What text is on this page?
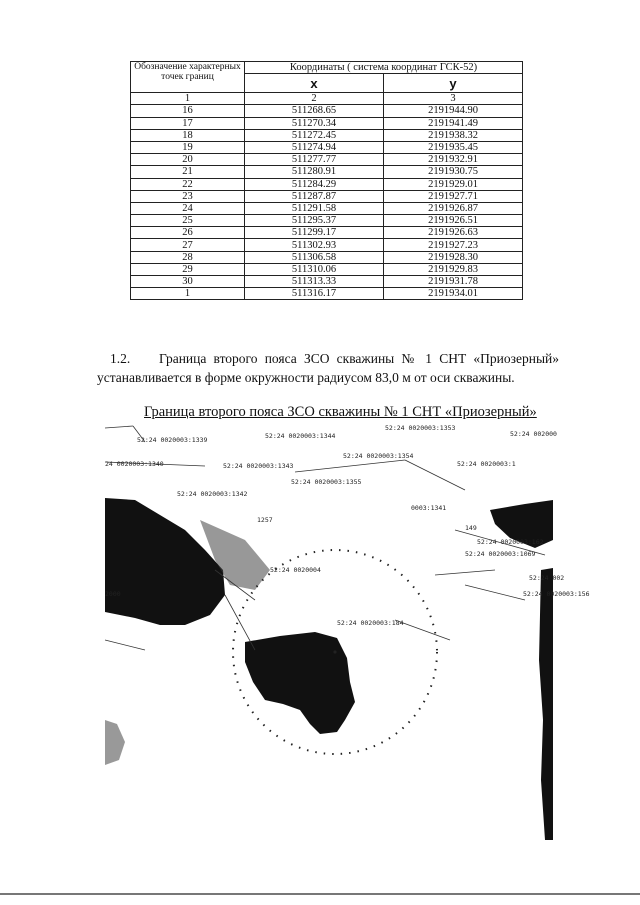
Обозначение характерных точек границ	Координаты ( система координат ГСК-52)	
	х	у
1	2	3
16	511268.65	2191944.90
17	511270.34	2191941.49
18	511272.45	2191938.32
19	511274.94	2191935.45
20	511277.77	2191932.91
21	511280.91	2191930.75
22	511284.29	2191929.01
23	511287.87	2191927.71
24	511291.58	2191926.87
25	511295.37	2191926.51
26	511299.17	2191926.63
27	511302.93	2191927.23
28	511306.58	2191928.30
29	511310.06	2191929.83
30	511313.33	2191931.78
1	511316.17	2191934.01
1.2. Граница второго пояса ЗСО скважины № 1 СНТ «Приозерный» устанавливается в форме окружности радиусом 83,0 м от оси скважины.
Граница второго пояса ЗСО скважины № 1 СНТ «Приозерный»
52:24 0020003:1339	52:24 0020003:1344
52:24 0020003:1353
52:24 002000
52:24 0020003:1354
24 0020003:1340	52:24 0020003:1343	52:24 0020003:1
52:24 0020003:1355
52:24 0020003:1342
0003:1341
1257
52:24 0020003:162
52:24 0020003:1069
52:24 0020004
52:24 0020003:184
52:24 002
52:24 0020003:156
2000
149
